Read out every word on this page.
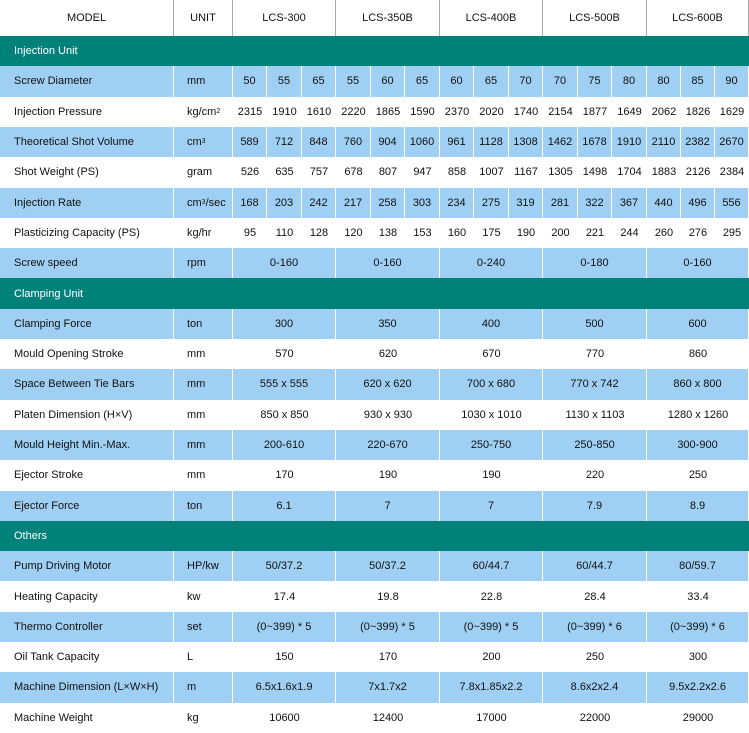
MODEL	UNIT	LCS-300	LCS-350B	LCS-400B	LCS-500B	LCS-600B
Injection Unit
Screw Diameter	mm	50	55	65	55	60	65	60	65	70	70	75	80	80	85	90
Injection Pressure	kg/cm 2	2315 1910 1610 2220 1865 1590 2370 2020 1740 2154 1877 1649 2062 1826 1629
Theoretical Shot Volume	cm 3	589	712	848	760	904	1060	961	1128 1308 1462 1678 1910 2110 2382 2670
Shot Weight (PS)	gram	526	635	757	678	807	947	858	1007 1167 1305 1498 1704 1883 2126 2384
Injection Rate	cm 3 /sec	168	203	242	217	258	303	234	275	319	281	322	367	440	496	556
Plasticizing Capacity (PS)	kg/hr	95	110	128	120	138	153	160	175	190	200	221	244	260	276	295
Screw speed	rpm	0-160	0-160	0-240	0-180	0-160
Clamping Unit
Clamping Force	ton	300	350	400	500	600
Mould Opening Stroke	mm	570	620	670	770	860
Space Between Tie Bars	mm	555 x 555	620 x 620	700 x 680	770 x 742	860 x 800
Platen Dimension (H×V)	mm	850 x 850	930 x 930	1030 x 1010	1130 x 1103	1280 x 1260
Mould Height Min.-Max.	mm	200-610	220-670	250-750	250-850	300-900
Ejector Stroke	mm	170	190	190	220	250
Ejector Force	ton	6.1	7	7	7.9	8.9
Others
Pump Driving Motor	HP/kw	50/37.2	50/37.2	60/44.7	60/44.7	80/59.7
Heating Capacity	kw	17.4	19.8	22.8	28.4	33.4
Thermo Controller	set	(0~399) * 5	(0~399) * 5	(0~399) * 5	(0~399) * 6	(0~399) * 6
Oil Tank Capacity	L	150	170	200	250	300
Machine Dimension (L×W×H)	m	6.5x1.6x1.9	7x1.7x2	7.8x1.85x2.2	8.6x2x2.4	9.5x2.2x2.6
Machine Weight	kg	10600	12400	17000	22000	29000
